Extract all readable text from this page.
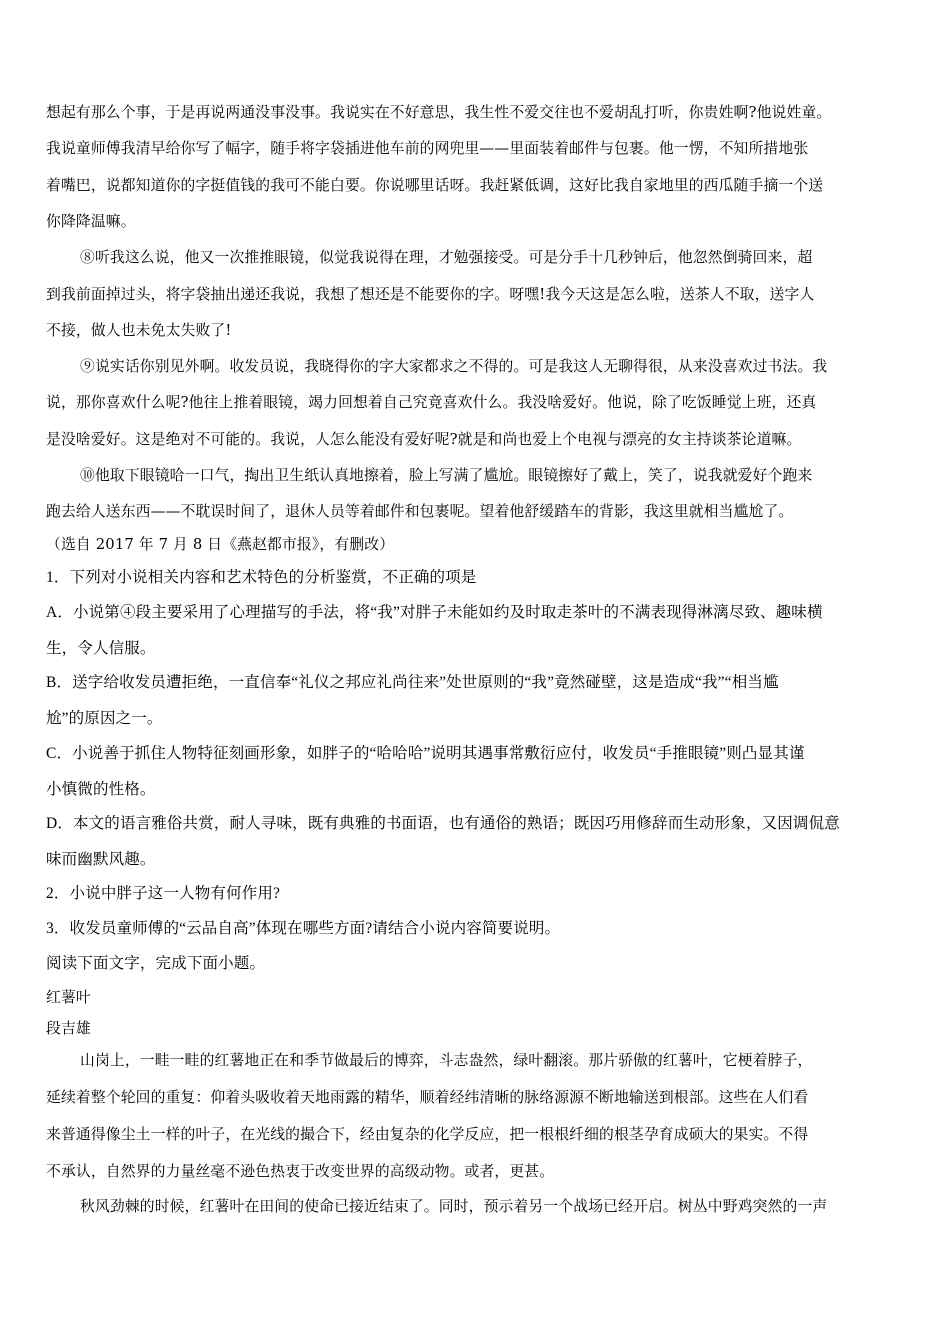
想起有那么个事，于是再说两通没事没事。我说实在不好意思，我生性不爱交往也不爱胡乱打听，你贵姓啊?他说姓童。

我说童师傅我清早给你写了幅字，随手将字袋插进他车前的网兜里——里面装着邮件与包裹。他一愣，不知所措地张

着嘴巴，说都知道你的字挺值钱的我可不能白要。你说哪里话呀。我赶紧低调，这好比我自家地里的西瓜随手摘一个送

你降降温嘛。

⑧听我这么说，他又一次推推眼镜，似觉我说得在理，才勉强接受。可是分手十几秒钟后，他忽然倒骑回来，超

到我前面掉过头，将字袋抽出递还我说，我想了想还是不能要你的字。呀嘿!我今天这是怎么啦，送茶人不取，送字人

不接，做人也未免太失败了!

⑨说实话你别见外啊。收发员说，我晓得你的字大家都求之不得的。可是我这人无聊得很，从来没喜欢过书法。我

说，那你喜欢什么呢?他往上推着眼镜，竭力回想着自己究竟喜欢什么。我没啥爱好。他说，除了吃饭睡觉上班，还真

是没啥爱好。这是绝对不可能的。我说，人怎么能没有爱好呢?就是和尚也爱上个电视与漂亮的女主持谈茶论道嘛。

⑩他取下眼镜哈一口气，掏出卫生纸认真地擦着，脸上写满了尴尬。眼镜擦好了戴上，笑了，说我就爱好个跑来

跑去给人送东西——不耽误时间了，退休人员等着邮件和包裹呢。望着他舒缓踏车的背影，我这里就相当尴尬了。

（选自 2017 年 7 月 8 日《燕赵都市报》，有删改）

1．下列对小说相关内容和艺术特色的分析鉴赏，不正确的项是

A．小说第④段主要采用了心理描写的手法，将“我”对胖子未能如约及时取走茶叶的不满表现得淋漓尽致、趣味横

生，令人信服。

B．送字给收发员遭拒绝，一直信奉“礼仪之邦应礼尚往来”处世原则的“我”竟然碰壁，这是造成“我”“相当尴

尬”的原因之一。

C．小说善于抓住人物特征刻画形象，如胖子的“哈哈哈”说明其遇事常敷衍应付，收发员“手推眼镜”则凸显其谨

小慎微的性格。

D．本文的语言雅俗共赏，耐人寻味，既有典雅的书面语，也有通俗的熟语；既因巧用修辞而生动形象，又因调侃意

味而幽默风趣。

2．小说中胖子这一人物有何作用?

3．收发员童师傅的“云品自高”体现在哪些方面?请结合小说内容简要说明。

阅读下面文字，完成下面小题。

红薯叶

段吉雄

山岗上，一畦一畦的红薯地正在和季节做最后的博弈，斗志盎然，绿叶翻滚。那片骄傲的红薯叶，它梗着脖子，

延续着整个轮回的重复：仰着头吸收着天地雨露的精华，顺着经纬清晰的脉络源源不断地输送到根部。这些在人们看

来普通得像尘土一样的叶子，在光线的撮合下，经由复杂的化学反应，把一根根纤细的根茎孕育成硕大的果实。不得

不承认，自然界的力量丝毫不逊色热衷于改变世界的高级动物。或者，更甚。

秋风劲棘的时候，红薯叶在田间的使命已接近结束了。同时，预示着另一个战场已经开启。树丛中野鸡突然的一声
